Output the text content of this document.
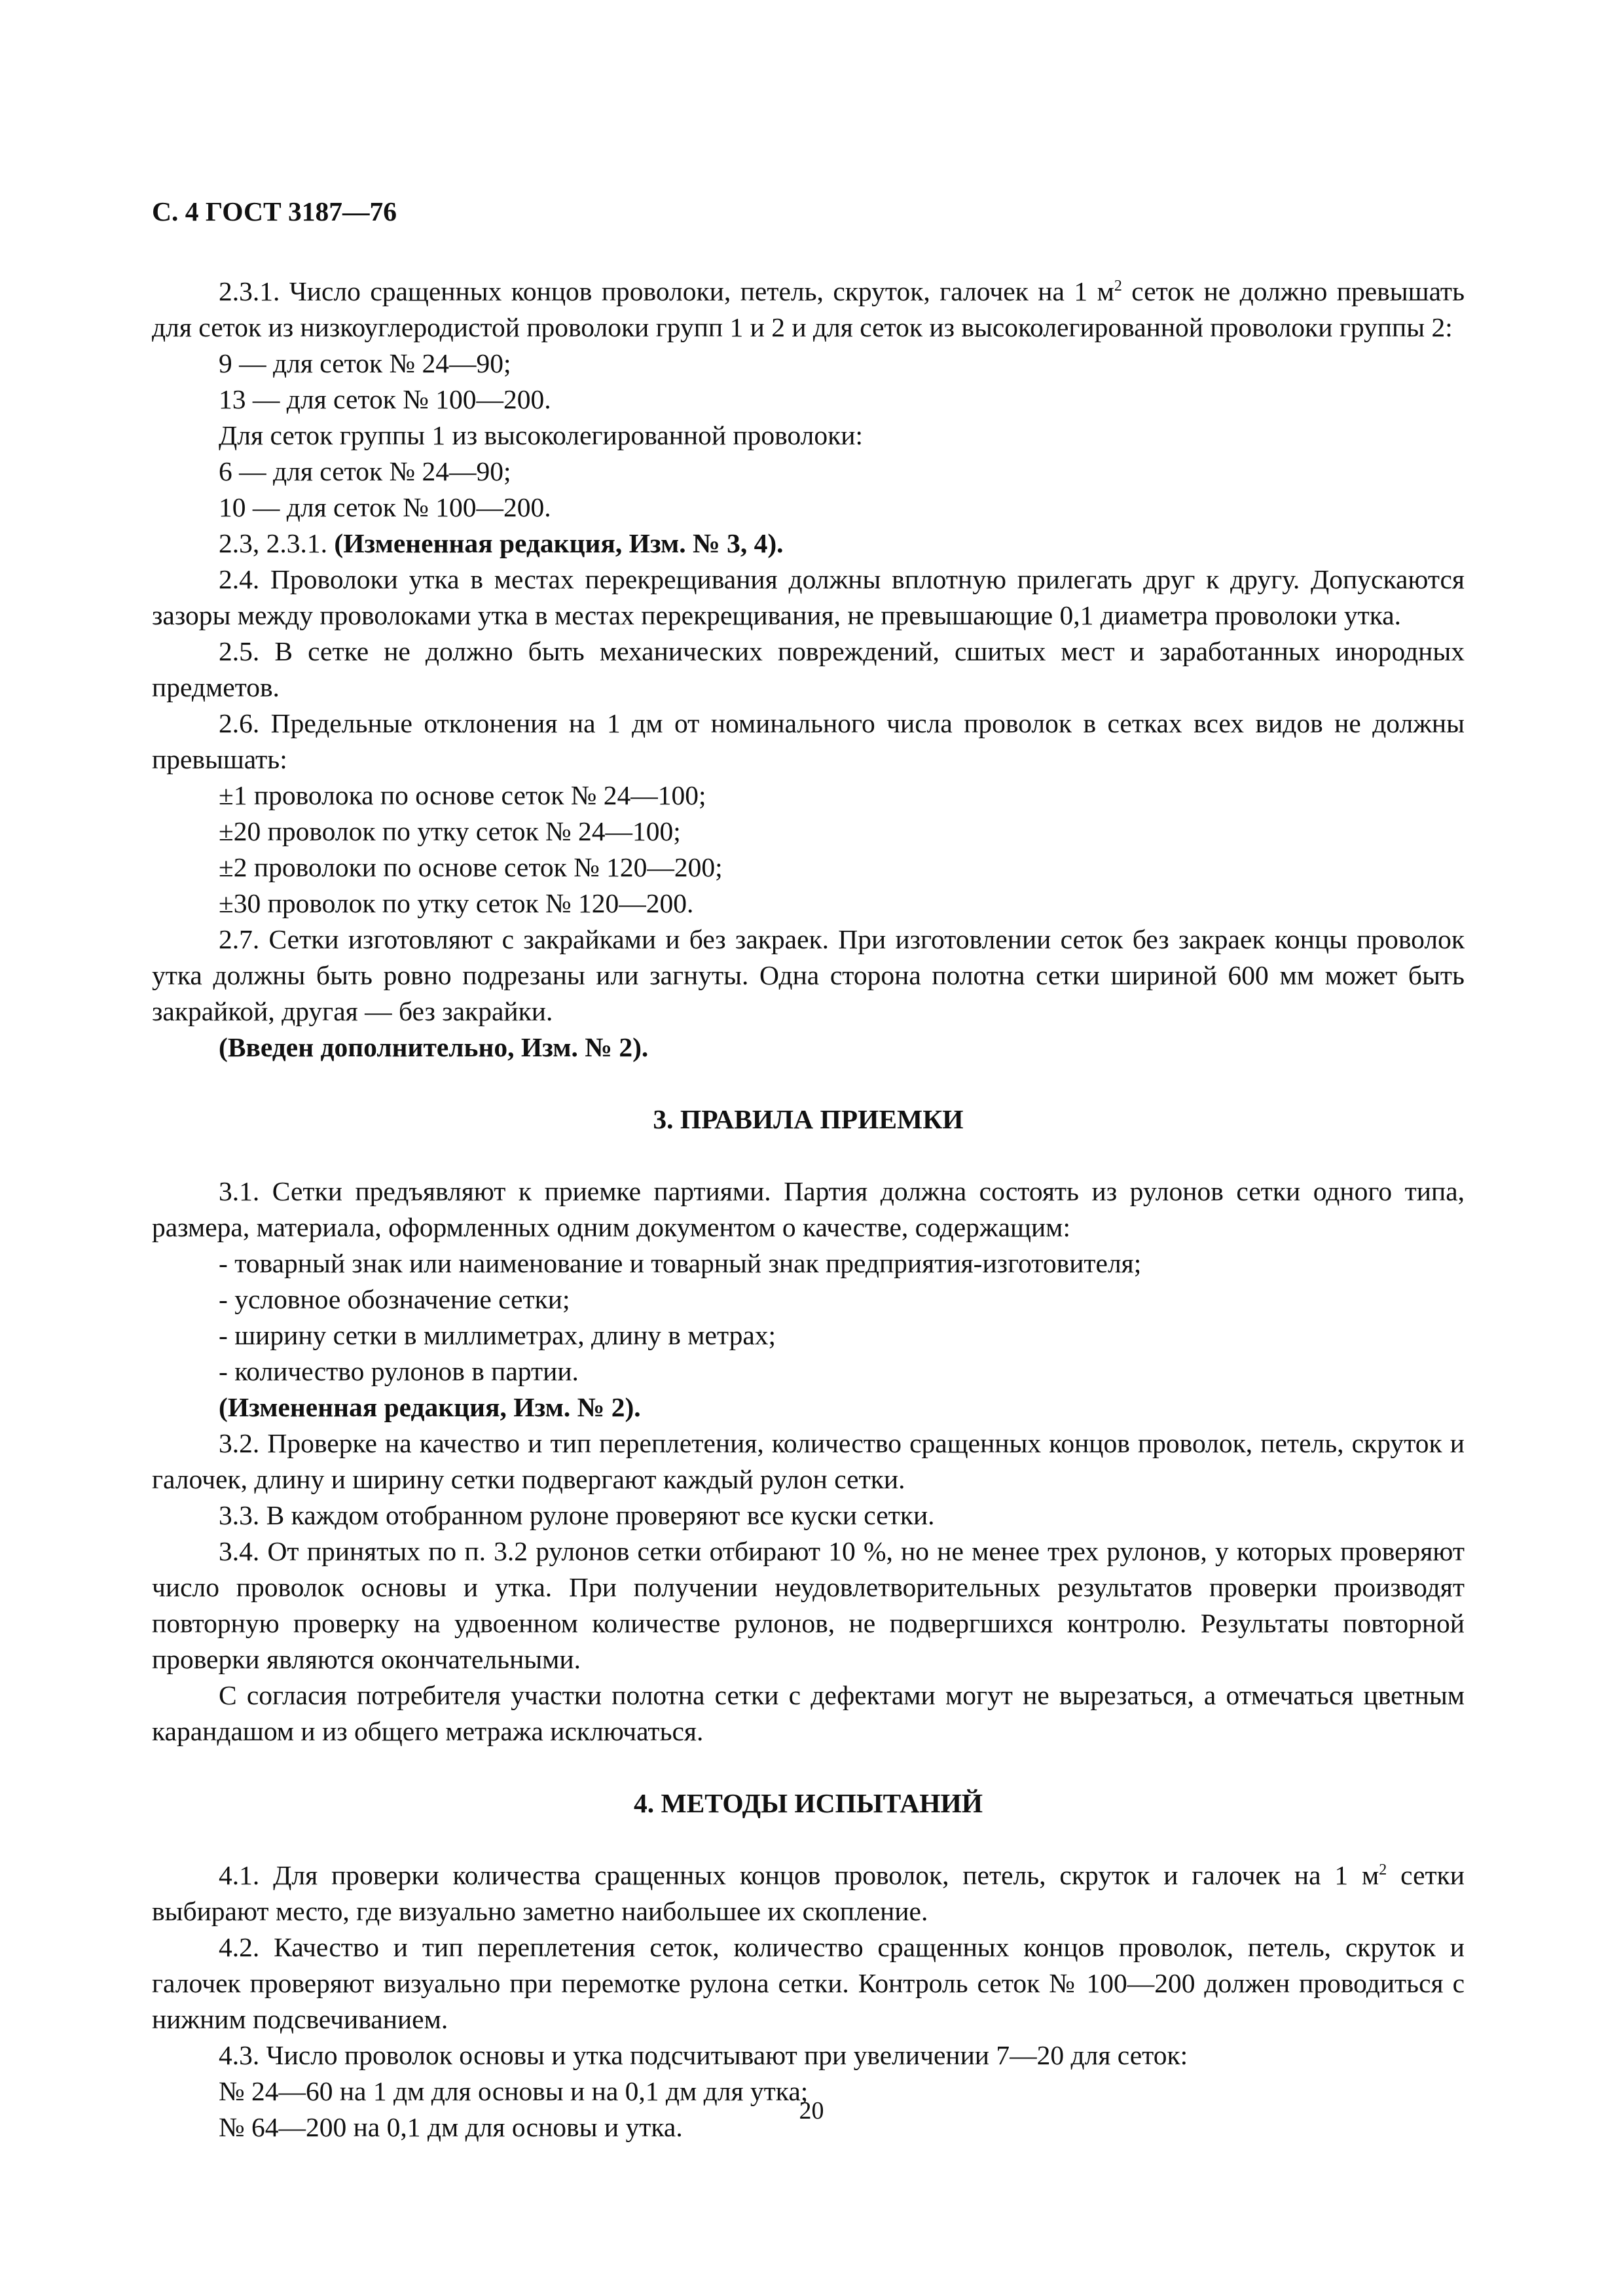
С. 4 ГОСТ 3187—76

2.3.1. Число сращенных концов проволоки, петель, скруток, галочек на 1 $м^2$ сеток не должно превышать для сеток из низкоуглеродистой проволоки групп 1 и 2 и для сеток из высоколегированной проволоки группы 2:

9 — для сеток № 24—90;

13 — для сеток № 100—200.

Для сеток группы 1 из высоколегированной проволоки:

6 — для сеток № 24—90;

10 — для сеток № 100—200.

2.3, 2.3.1. (Измененная редакция, Изм. № 3, 4).

2.4. Проволоки утка в местах перекрещивания должны вплотную прилегать друг к другу. Допускаются зазоры между проволоками утка в местах перекрещивания, не превышающие 0,1 диаметра проволоки утка.

2.5. В сетке не должно быть механических повреждений, сшитых мест и заработанных инородных предметов.

2.6. Предельные отклонения на 1 дм от номинального числа проволок в сетках всех видов не должны превышать:

±1 проволока по основе сеток № 24—100;

±20 проволок по утку сеток № 24—100;

±2 проволоки по основе сеток № 120—200;

±30 проволок по утку сеток № 120—200.

2.7. Сетки изготовляют с закрайками и без закраек. При изготовлении сеток без закраек концы проволок утка должны быть ровно подрезаны или загнуты. Одна сторона полотна сетки шириной 600 мм может быть закрайкой, другая — без закрайки.

(Введен дополнительно, Изм. № 2).

3. ПРАВИЛА ПРИЕМКИ

3.1. Сетки предъявляют к приемке партиями. Партия должна состоять из рулонов сетки одного типа, размера, материала, оформленных одним документом о качестве, содержащим:

- товарный знак или наименование и товарный знак предприятия-изготовителя;

- условное обозначение сетки;

- ширину сетки в миллиметрах, длину в метрах;

- количество рулонов в партии.

(Измененная редакция, Изм. № 2).

3.2. Проверке на качество и тип переплетения, количество сращенных концов проволок, петель, скруток и галочек, длину и ширину сетки подвергают каждый рулон сетки.

3.3. В каждом отобранном рулоне проверяют все куски сетки.

3.4. От принятых по п. 3.2 рулонов сетки отбирают 10 %, но не менее трех рулонов, у которых проверяют число проволок основы и утка. При получении неудовлетворительных результатов проверки производят повторную проверку на удвоенном количестве рулонов, не подвергшихся контролю. Результаты повторной проверки являются окончательными.

С согласия потребителя участки полотна сетки с дефектами могут не вырезаться, а отмечаться цветным карандашом и из общего метража исключаться.

4. МЕТОДЫ ИСПЫТАНИЙ

4.1. Для проверки количества сращенных концов проволок, петель, скруток и галочек на 1 $м^2$ сетки выбирают место, где визуально заметно наибольшее их скопление.

4.2. Качество и тип переплетения сеток, количество сращенных концов проволок, петель, скруток и галочек проверяют визуально при перемотке рулона сетки. Контроль сеток № 100—200 должен проводиться с нижним подсвечиванием.

4.3. Число проволок основы и утка подсчитывают при увеличении 7—20 для сеток:

№ 24—60 на 1 дм для основы и на 0,1 дм для утка;

№ 64—200 на 0,1 дм для основы и утка.

20
